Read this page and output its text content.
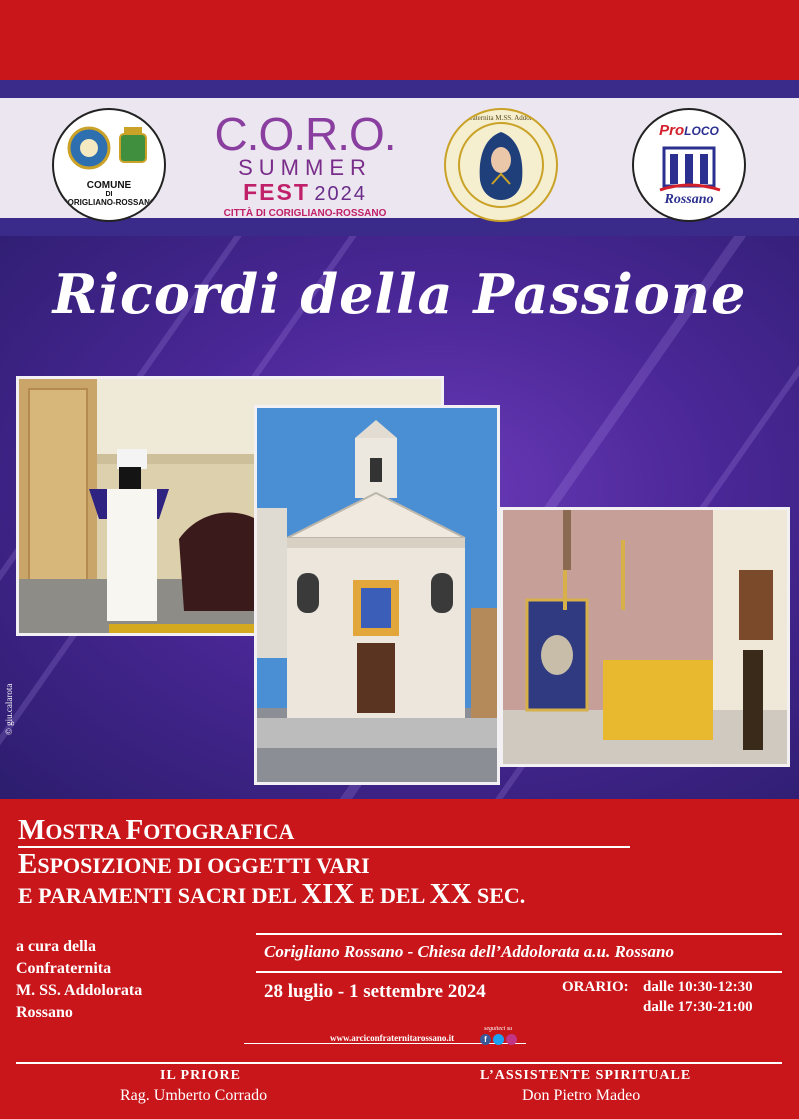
COMUNE
DI
CORIGLIANO-ROSSANO
C.O.R.O.
SUMMER
FEST 2024
CITTÀ DI CORIGLIANO-ROSSANO
Confraternita M.SS. Addolorata
ProLOCO
Rossano
Ricordi della Passione
© giu.calarota
MOSTRA FOTOGRAFICA
ESPOSIZIONE DI OGGETTI VARI
E PARAMENTI SACRI DEL XIX E DEL XX SEC.
a cura della
Confraternita
M. SS. Addolorata
Rossano
Corigliano Rossano - Chiesa dell’Addolorata a.u. Rossano
28 luglio - 1 settembre 2024	ORARIO: dalle 10:30-12:30
dalle 17:30-21:00
www.arciconfraternitarossano.it
seguiteci su
f
IL PRIORE
Rag. Umberto Corrado
L’ASSISTENTE SPIRITUALE
Don Pietro Madeo
